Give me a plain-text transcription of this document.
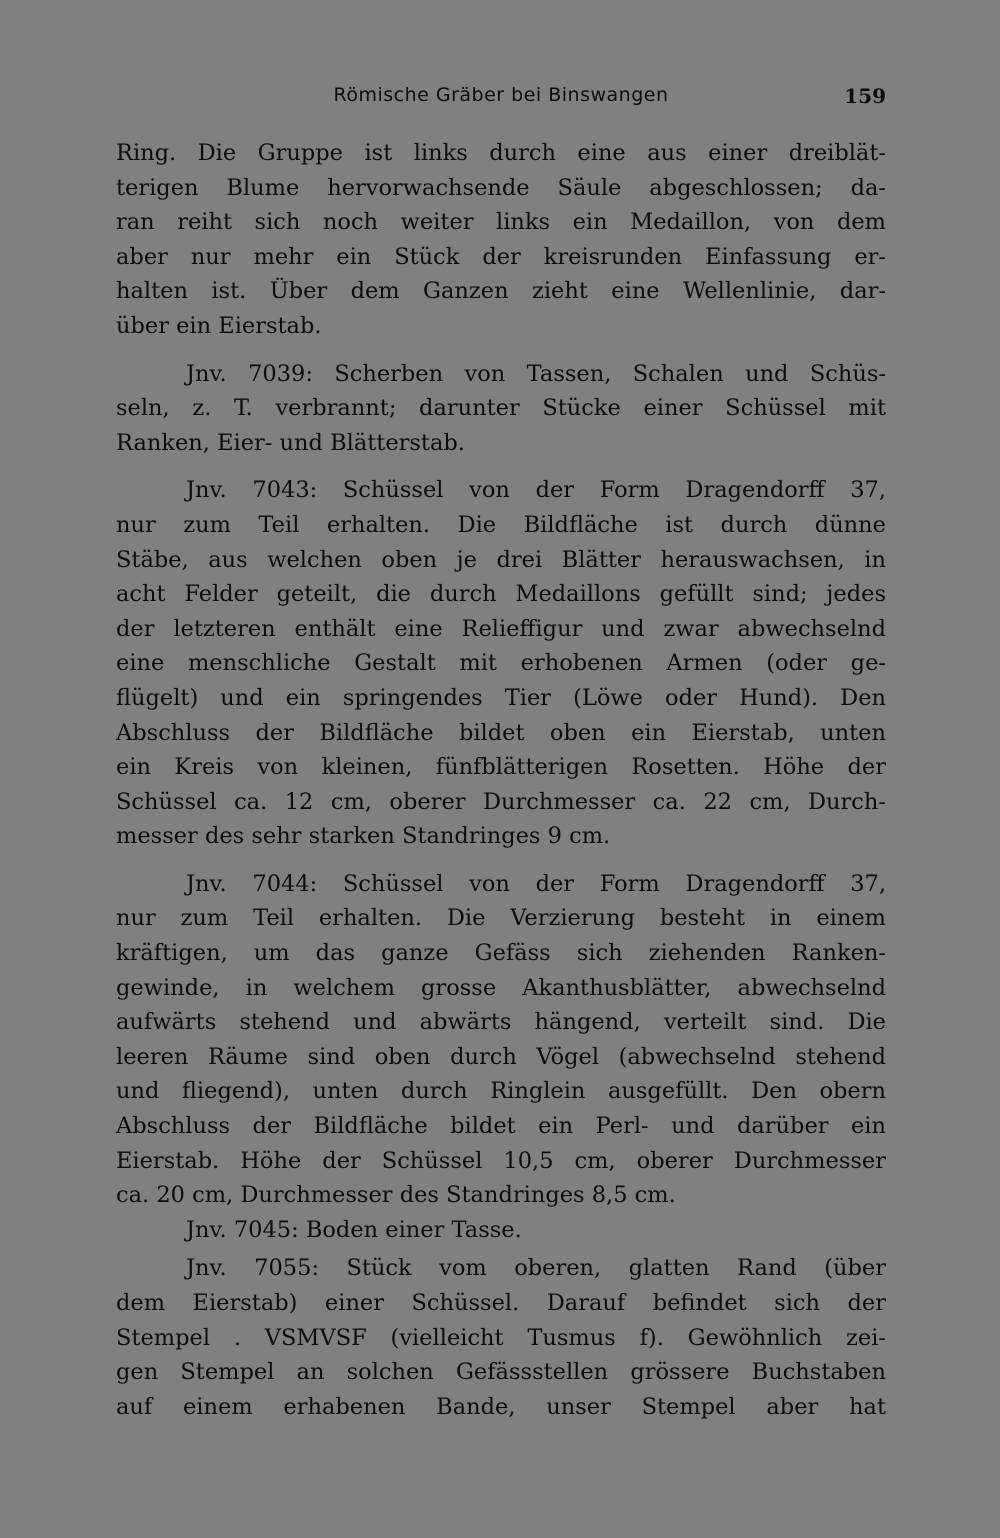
Römische Gräber bei Binswangen	159
Ring. Die Gruppe ist links durch eine aus einer dreiblät-
terigen Blume hervorwachsende Säule abgeschlossen; da-
ran reiht sich noch weiter links ein Medaillon, von dem
aber nur mehr ein Stück der kreisrunden Einfassung er-
halten ist. Über dem Ganzen zieht eine Wellenlinie, dar-
über ein Eierstab.
Jnv. 7039: Scherben von Tassen, Schalen und Schüs-
seln, z. T. verbrannt; darunter Stücke einer Schüssel mit
Ranken, Eier- und Blätterstab.
Jnv. 7043: Schüssel von der Form Dragendorff 37,
nur zum Teil erhalten. Die Bildfläche ist durch dünne
Stäbe, aus welchen oben je drei Blätter herauswachsen, in
acht Felder geteilt, die durch Medaillons gefüllt sind; jedes
der letzteren enthält eine Relieffigur und zwar abwechselnd
eine menschliche Gestalt mit erhobenen Armen (oder ge-
flügelt) und ein springendes Tier (Löwe oder Hund). Den
Abschluss der Bildfläche bildet oben ein Eierstab, unten
ein Kreis von kleinen, fünfblätterigen Rosetten. Höhe der
Schüssel ca. 12 cm, oberer Durchmesser ca. 22 cm, Durch-
messer des sehr starken Standringes 9 cm.
Jnv. 7044: Schüssel von der Form Dragendorff 37,
nur zum Teil erhalten. Die Verzierung besteht in einem
kräftigen, um das ganze Gefäss sich ziehenden Ranken-
gewinde, in welchem grosse Akanthusblätter, abwechselnd
aufwärts stehend und abwärts hängend, verteilt sind. Die
leeren Räume sind oben durch Vögel (abwechselnd stehend
und fliegend), unten durch Ringlein ausgefüllt. Den obern
Abschluss der Bildfläche bildet ein Perl- und darüber ein
Eierstab. Höhe der Schüssel 10,5 cm, oberer Durchmesser
ca. 20 cm, Durchmesser des Standringes 8,5 cm.
Jnv. 7045: Boden einer Tasse.
Jnv. 7055: Stück vom oberen, glatten Rand (über
dem Eierstab) einer Schüssel. Darauf befindet sich der
Stempel . VSMVSF (vielleicht Tusmus f). Gewöhnlich zei-
gen Stempel an solchen Gefässstellen grössere Buchstaben
auf einem erhabenen Bande, unser Stempel aber hat
